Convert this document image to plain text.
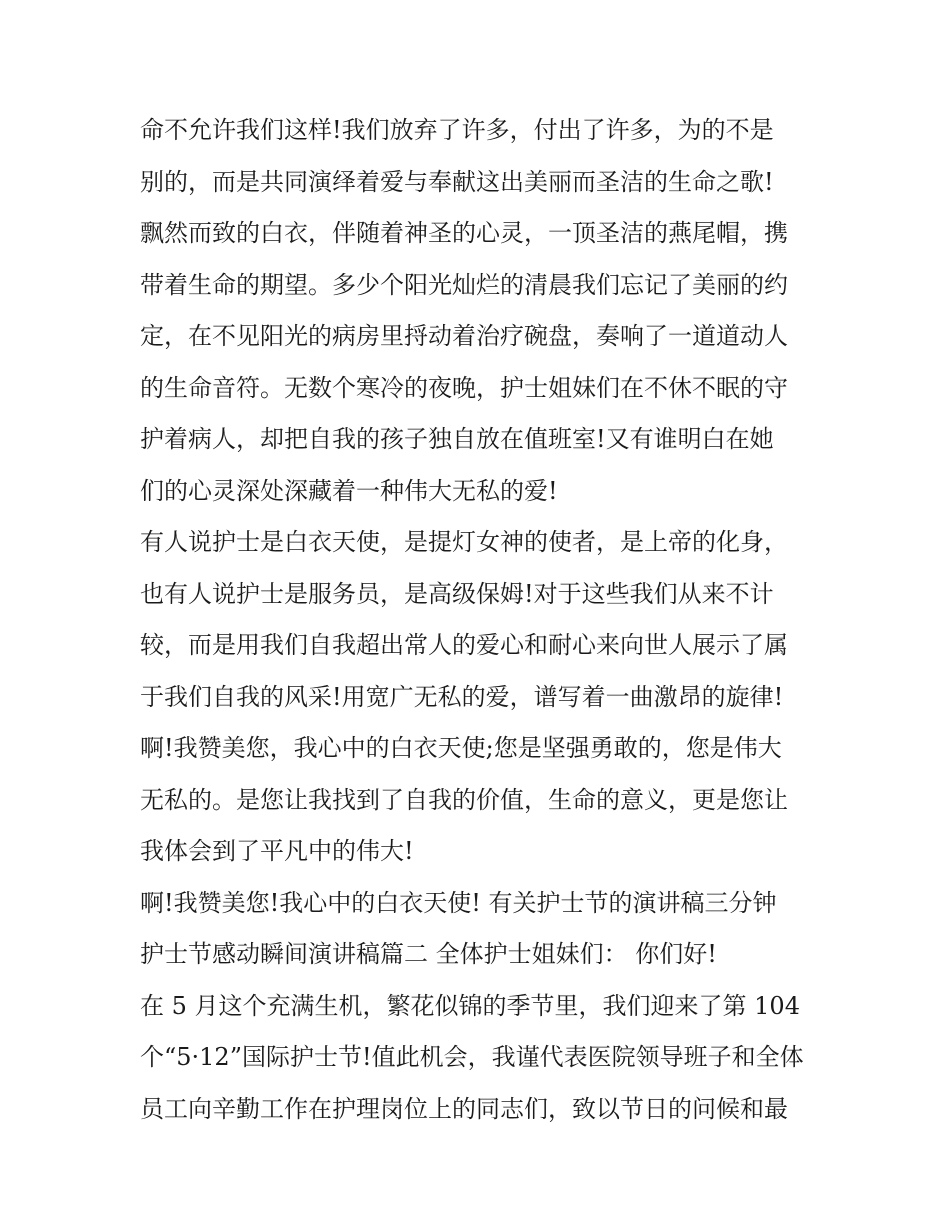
命不允许我们这样!我们放弃了许多，付出了许多，为的不是
别的，而是共同演绎着爱与奉献这出美丽而圣洁的生命之歌!
飘然而致的白衣，伴随着神圣的心灵，一顶圣洁的燕尾帽，携
带着生命的期望。多少个阳光灿烂的清晨我们忘记了美丽的约
定，在不见阳光的病房里捋动着治疗碗盘，奏响了一道道动人
的生命音符。无数个寒冷的夜晚，护士姐妹们在不休不眠的守
护着病人，却把自我的孩子独自放在值班室!又有谁明白在她
们的心灵深处深藏着一种伟大无私的爱!
有人说护士是白衣天使，是提灯女神的使者，是上帝的化身，
也有人说护士是服务员，是高级保姆!对于这些我们从来不计
较，而是用我们自我超出常人的爱心和耐心来向世人展示了属
于我们自我的风采!用宽广无私的爱，谱写着一曲激昂的旋律!
啊!我赞美您，我心中的白衣天使;您是坚强勇敢的，您是伟大
无私的。是您让我找到了自我的价值，生命的意义，更是您让
我体会到了平凡中的伟大!
啊!我赞美您!我心中的白衣天使! 有关护士节的演讲稿三分钟
护士节感动瞬间演讲稿篇二 全体护士姐妹们： 你们好!
在 5 月这个充满生机，繁花似锦的季节里，我们迎来了第 104
个“5·12”国际护士节!值此机会，我谨代表医院领导班子和全体
员工向辛勤工作在护理岗位上的同志们，致以节日的问候和最
